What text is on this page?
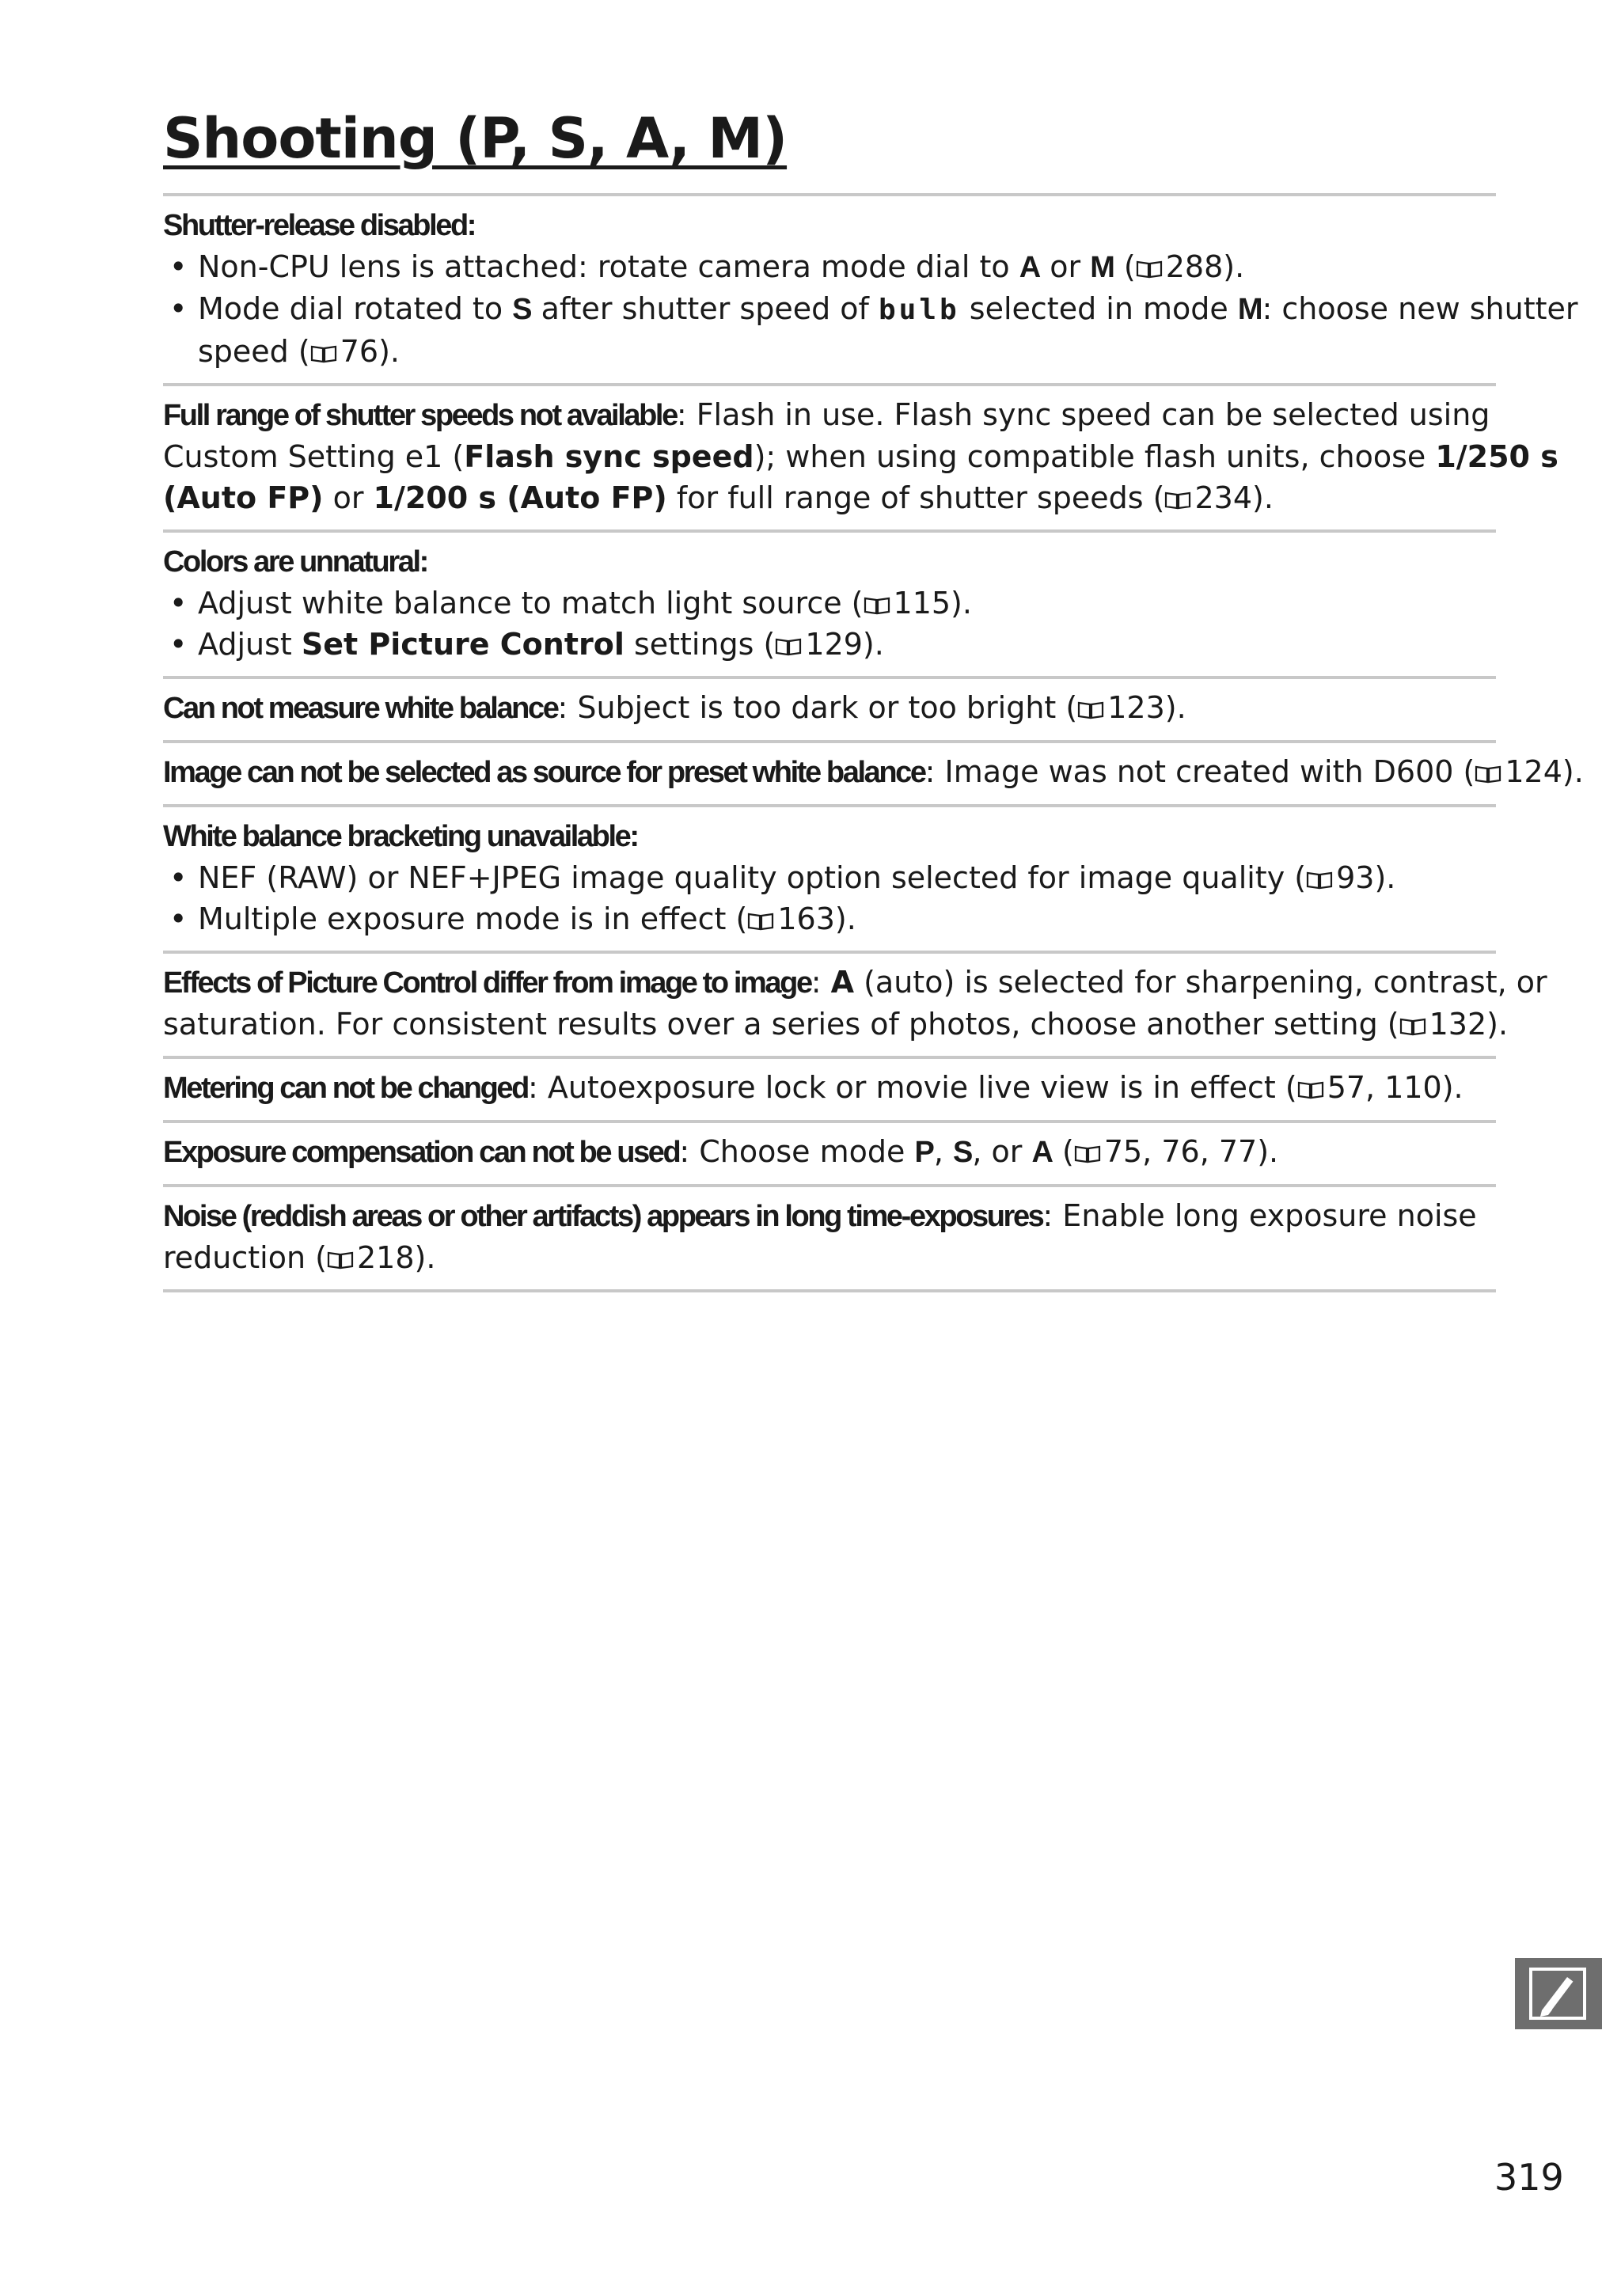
Shooting (P, S, A, M)
Shutter-release disabled:
• Non-CPU lens is attached: rotate camera mode dial to A or M ( 288).
• Mode dial rotated to S after shutter speed of bulb selected in mode M: choose new shutter
speed ( 76).
Full range of shutter speeds not available: Flash in use. Flash sync speed can be selected using
Custom Setting e1 (Flash sync speed); when using compatible flash units, choose 1/250 s
(Auto FP) or 1/200 s (Auto FP) for full range of shutter speeds ( 234).
Colors are unnatural:
• Adjust white balance to match light source ( 115).
• Adjust Set Picture Control settings ( 129).
Can not measure white balance: Subject is too dark or too bright ( 123).
Image can not be selected as source for preset white balance: Image was not created with D600 ( 124).
White balance bracketing unavailable:
• NEF (RAW) or NEF+JPEG image quality option selected for image quality ( 93).
• Multiple exposure mode is in effect ( 163).
Effects of Picture Control differ from image to image: A (auto) is selected for sharpening, contrast, or
saturation. For consistent results over a series of photos, choose another setting ( 132).
Metering can not be changed: Autoexposure lock or movie live view is in effect ( 57, 110).
Exposure compensation can not be used: Choose mode P, S, or A ( 75, 76, 77).
Noise (reddish areas or other artifacts) appears in long time-exposures: Enable long exposure noise
reduction ( 218).
319
